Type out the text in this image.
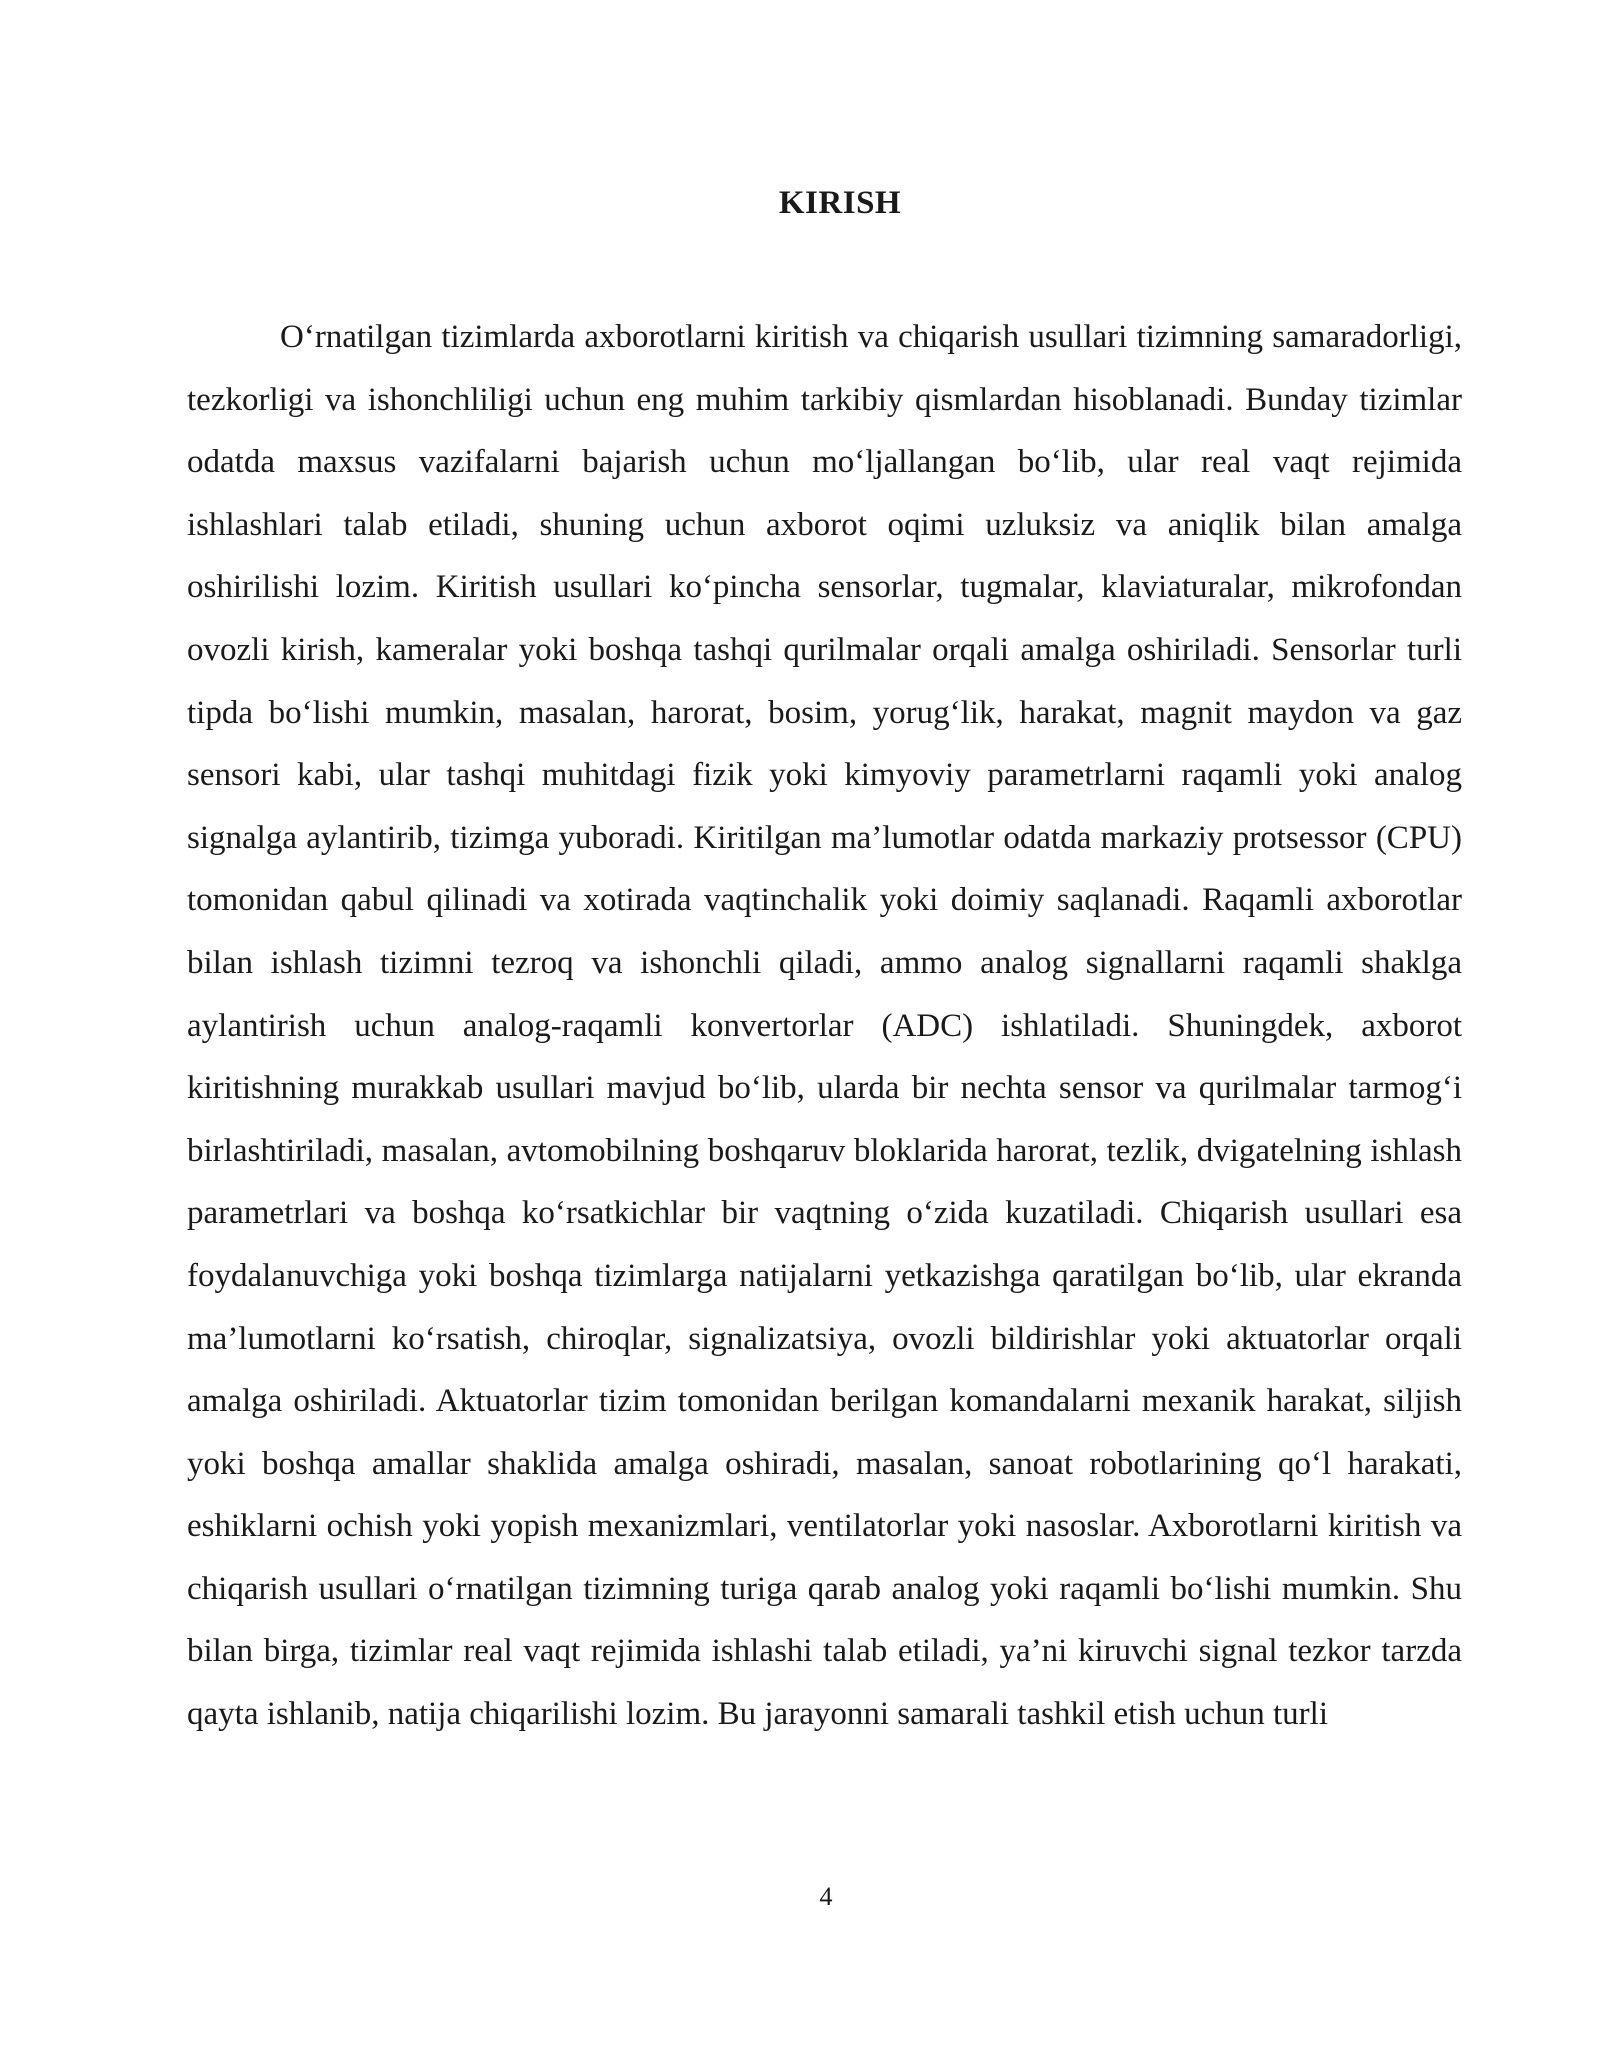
KIRISH

O‘rnatilgan tizimlarda axborotlarni kiritish va chiqarish usullari tizimning samaradorligi, tezkorligi va ishonchliligi uchun eng muhim tarkibiy qismlardan hisoblanadi. Bunday tizimlar odatda maxsus vazifalarni bajarish uchun mo‘ljallangan bo‘lib, ular real vaqt rejimida ishlashlari talab etiladi, shuning uchun axborot oqimi uzluksiz va aniqlik bilan amalga oshirilishi lozim. Kiritish usullari ko‘pincha sensorlar, tugmalar, klaviaturalar, mikrofondan ovozli kirish, kameralar yoki boshqa tashqi qurilmalar orqali amalga oshiriladi. Sensorlar turli tipda bo‘lishi mumkin, masalan, harorat, bosim, yorug‘lik, harakat, magnit maydon va gaz sensori kabi, ular tashqi muhitdagi fizik yoki kimyoviy parametrlarni raqamli yoki analog signalga aylantirib, tizimga yuboradi. Kiritilgan ma’lumotlar odatda markaziy protsessor (CPU) tomonidan qabul qilinadi va xotirada vaqtinchalik yoki doimiy saqlanadi. Raqamli axborotlar bilan ishlash tizimni tezroq va ishonchli qiladi, ammo analog signallarni raqamli shaklga aylantirish uchun analog-raqamli konvertorlar (ADC) ishlatiladi. Shuningdek, axborot kiritishning murakkab usullari mavjud bo‘lib, ularda bir nechta sensor va qurilmalar tarmog‘i birlashtiriladi, masalan, avtomobilning boshqaruv bloklarida harorat, tezlik, dvigatelning ishlash parametrlari va boshqa ko‘rsatkichlar bir vaqtning o‘zida kuzatiladi. Chiqarish usullari esa foydalanuvchiga yoki boshqa tizimlarga natijalarni yetkazishga qaratilgan bo‘lib, ular ekranda ma’lumotlarni ko‘rsatish, chiroqlar, signalizatsiya, ovozli bildirishlar yoki aktuatorlar orqali amalga oshiriladi. Aktuatorlar tizim tomonidan berilgan komandalarni mexanik harakat, siljish yoki boshqa amallar shaklida amalga oshiradi, masalan, sanoat robotlarining qo‘l harakati, eshiklarni ochish yoki yopish mexanizmlari, ventilatorlar yoki nasoslar. Axborotlarni kiritish va chiqarish usullari o‘rnatilgan tizimning turiga qarab analog yoki raqamli bo‘lishi mumkin. Shu bilan birga, tizimlar real vaqt rejimida ishlashi talab etiladi, ya’ni kiruvchi signal tezkor tarzda qayta ishlanib, natija chiqarilishi lozim. Bu jarayonni samarali tashkil etish uchun turli

4
